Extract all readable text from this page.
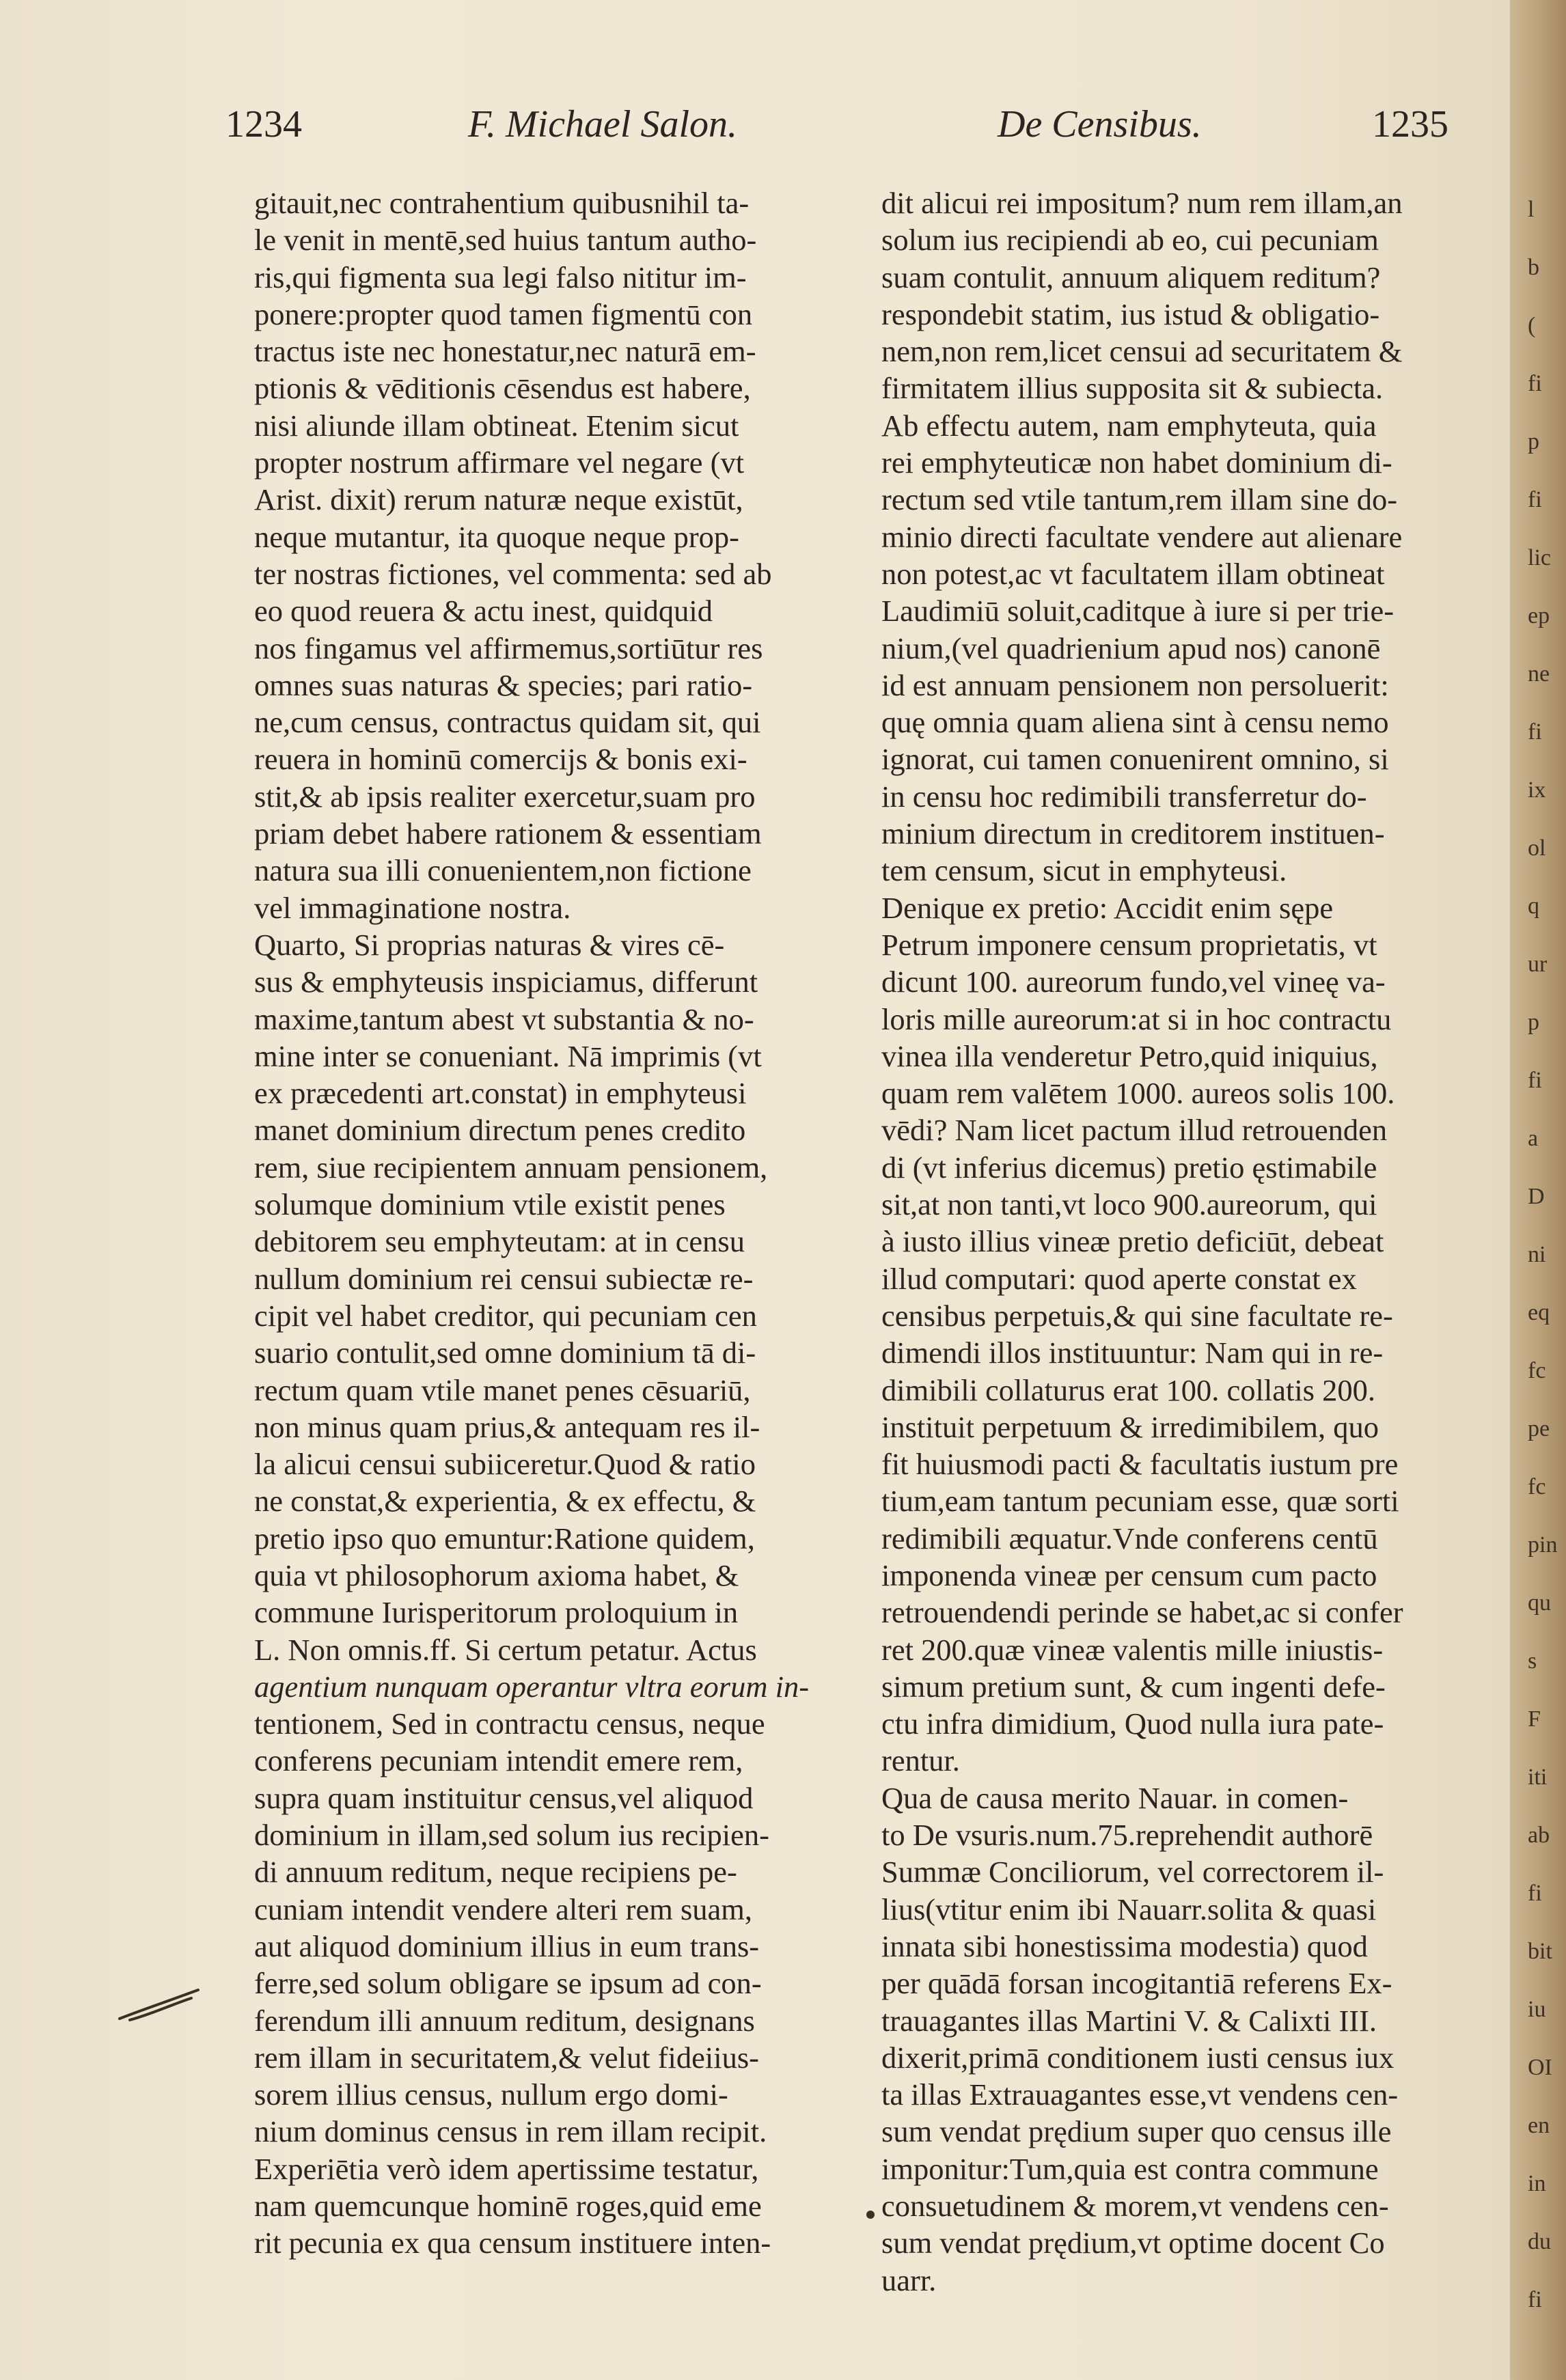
1234	F. Michael Salon.	De Censibus.	1235
gitauit,nec contrahentium quibusnihil ta-
le venit in mentē,sed huius tantum autho-
ris,qui figmenta sua legi falso nititur im-
ponere:propter quod tamen figmentū con
tractus iste nec honestatur,nec naturā em-
ptionis & vēditionis cēsendus est habere,
nisi aliunde illam obtineat. Etenim sicut
propter nostrum affirmare vel negare (vt
Arist. dixit) rerum naturæ neque existūt,
neque mutantur, ita quoque neque prop-
ter nostras fictiones, vel commenta: sed ab
eo quod reuera & actu inest, quidquid
nos fingamus vel affirmemus,sortiūtur res
omnes suas naturas & species; pari ratio-
ne,cum census, contractus quidam sit, qui
reuera in hominū comercijs & bonis exi-
stit,& ab ipsis realiter exercetur,suam pro
priam debet habere rationem & essentiam
natura sua illi conuenientem,non fictione
vel immaginatione nostra.
Quarto, Si proprias naturas & vires cē-
sus & emphyteusis inspiciamus, differunt
maxime,tantum abest vt substantia & no-
mine inter se conueniant. Nā imprimis (vt
ex præcedenti art.constat) in emphyteusi
manet dominium directum penes credito
rem, siue recipientem annuam pensionem,
solumque dominium vtile existit penes
debitorem seu emphyteutam: at in censu
nullum dominium rei censui subiectæ re-
cipit vel habet creditor, qui pecuniam cen
suario contulit,sed omne dominium tā di-
rectum quam vtile manet penes cēsuariū,
non minus quam prius,& antequam res il-
la alicui censui subiiceretur.Quod & ratio
ne constat,& experientia, & ex effectu, &
pretio ipso quo emuntur:Ratione quidem,
quia vt philosophorum axioma habet, &
commune Iurisperitorum proloquium in
L. Non omnis.ff. Si certum petatur. Actus
agentium nunquam operantur vltra eorum in-
tentionem, Sed in contractu census, neque
conferens pecuniam intendit emere rem,
supra quam instituitur census,vel aliquod
dominium in illam,sed solum ius recipien-
di annuum reditum, neque recipiens pe-
cuniam intendit vendere alteri rem suam,
aut aliquod dominium illius in eum trans-
ferre,sed solum obligare se ipsum ad con-
ferendum illi annuum reditum, designans
rem illam in securitatem,& velut fideiius-
sorem illius census, nullum ergo domi-
nium dominus census in rem illam recipit.
Experiētia verò idem apertissime testatur,
nam quemcunque hominē roges,quid eme
rit pecunia ex qua censum instituere inten-
dit alicui rei impositum? num rem illam,an
solum ius recipiendi ab eo, cui pecuniam
suam contulit, annuum aliquem reditum?
respondebit statim, ius istud & obligatio-
nem,non rem,licet censui ad securitatem &
firmitatem illius supposita sit & subiecta.
Ab effectu autem, nam emphyteuta, quia
rei emphyteuticæ non habet dominium di-
rectum sed vtile tantum,rem illam sine do-
minio directi facultate vendere aut alienare
non potest,ac vt facultatem illam obtineat
Laudimiū soluit,caditque à iure si per trie-
nium,(vel quadrienium apud nos) canonē
id est annuam pensionem non persoluerit:
quę omnia quam aliena sint à censu nemo
ignorat, cui tamen conuenirent omnino, si
in censu hoc redimibili transferretur do-
minium directum in creditorem instituen-
tem censum, sicut in emphyteusi.
Denique ex pretio: Accidit enim sępe
Petrum imponere censum proprietatis, vt
dicunt 100. aureorum fundo,vel vineę va-
loris mille aureorum:at si in hoc contractu
vinea illa venderetur Petro,quid iniquius,
quam rem valētem 1000. aureos solis 100.
vēdi? Nam licet pactum illud retrouenden
di (vt inferius dicemus) pretio ęstimabile
sit,at non tanti,vt loco 900.aureorum, qui
à iusto illius vineæ pretio deficiūt, debeat
illud computari: quod aperte constat ex
censibus perpetuis,& qui sine facultate re-
dimendi illos instituuntur: Nam qui in re-
dimibili collaturus erat 100. collatis 200.
instituit perpetuum & irredimibilem, quo
fit huiusmodi pacti & facultatis iustum pre
tium,eam tantum pecuniam esse, quæ sorti
redimibili æquatur.Vnde conferens centū
imponenda vineæ per censum cum pacto
retrouendendi perinde se habet,ac si confer
ret 200.quæ vineæ valentis mille iniustis-
simum pretium sunt, & cum ingenti defe-
ctu infra dimidium, Quod nulla iura pate-
rentur.
Qua de causa merito Nauar. in comen-
to De vsuris.num.75.reprehendit authorē
Summæ Conciliorum, vel correctorem il-
lius(vtitur enim ibi Nauarr.solita & quasi
innata sibi honestissima modestia) quod
per quādā forsan incogitantiā referens Ex-
trauagantes illas Martini V. & Calixti III.
dixerit,primā conditionem iusti census iux
ta illas Extrauagantes esse,vt vendens cen-
sum vendat prędium super quo census ille
imponitur:Tum,quia est contra commune
consuetudinem & morem,vt vendens cen-
sum vendat prędium,vt optime docent Co
uarr.
l
b
(
fi
p
fi
lic
ep
ne
fi
ix
ol
q
ur
p
fi
a
D
ni
eq
fc
pe
fc
pin
qu
s
F
iti
ab
fi
bit
iu
OI
en
in
du
fi
